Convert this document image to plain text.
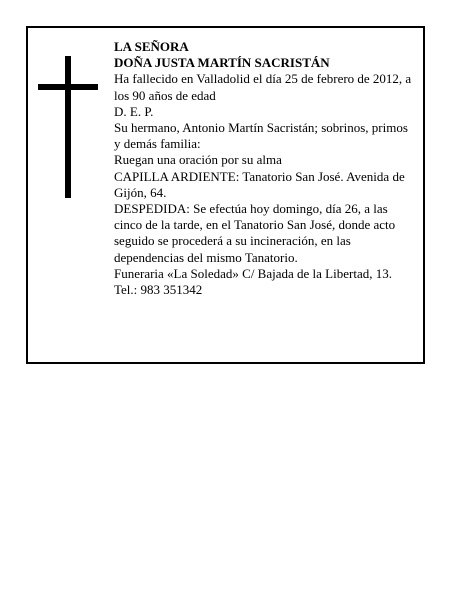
LA SEÑORA

DOÑA JUSTA MARTÍN SACRISTÁN

Ha fallecido en Valladolid el día 25 de febrero de 2012, a los 90 años de edad

D. E. P.

Su hermano, Antonio Martín Sacristán; sobrinos, primos y demás familia:

Ruegan una oración por su alma

CAPILLA ARDIENTE: Tanatorio San José. Avenida de Gijón, 64.

DESPEDIDA: Se efectúa hoy domingo, día 26, a las cinco de la tarde, en el Tanatorio San José, donde acto seguido se procederá a su incineración, en las dependencias del mismo Tanatorio.

Funeraria «La Soledad» C/ Bajada de la Libertad, 13.

Tel.: 983 351342
